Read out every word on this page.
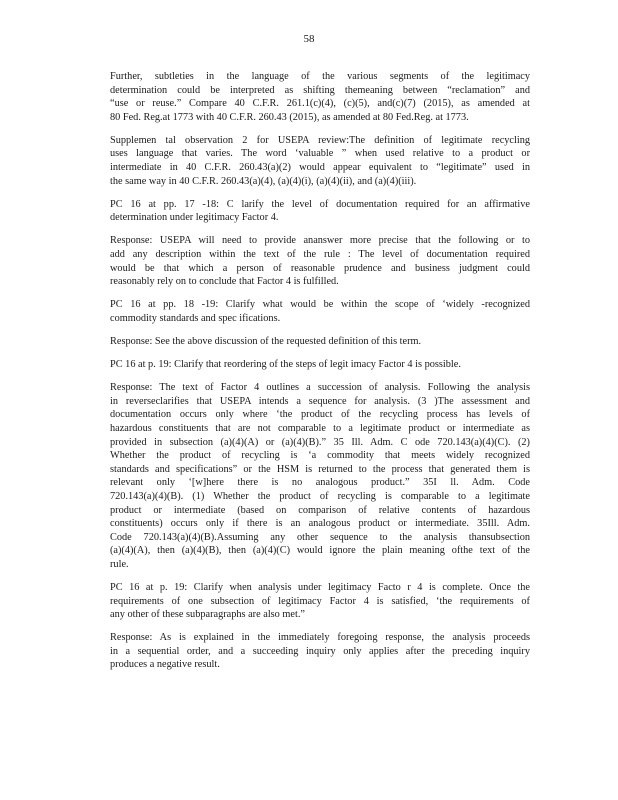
58

Further, subtleties in the language of the various segments of the legitimacy
determination could be interpreted as shifting themeaning between “reclamation” and
“use or reuse.” Compare 40 C.F.R. 261.1(c)(4), (c)(5), and(c)(7) (2015), as amended at
80 Fed. Reg.at 1773 with 40 C.F.R. 260.43 (2015), as amended at 80 Fed.Reg. at 1773.

Supplemen tal observation 2 for USEPA review:The definition of legitimate recycling
uses language that varies. The word ‘valuable ” when used relative to a product or
intermediate in 40 C.F.R. 260.43(a)(2) would appear equivalent to “legitimate” used in
the same way in 40 C.F.R. 260.43(a)(4), (a)(4)(i), (a)(4)(ii), and (a)(4)(iii).

PC 16 at pp. 17 -18: C larify the level of documentation required for an affirmative
determination under legitimacy Factor 4.

Response: USEPA will need to provide ananswer more precise that the following or to
add any description within the text of the rule : The level of documentation required
would be that which a person of reasonable prudence and business judgment could
reasonably rely on to conclude that Factor 4 is fulfilled.

PC 16 at pp. 18 -19: Clarify what would be within the scope of ‘widely -recognized
commodity standards and spec ifications.

Response: See the above discussion of the requested definition of this term.

PC 16 at p. 19: Clarify that reordering of the steps of legit imacy Factor 4 is possible.

Response: The text of Factor 4 outlines a succession of analysis. Following the analysis
in reverseclarifies that USEPA intends a sequence for analysis. (3 )The assessment and
documentation occurs only where ‘the product of the recycling process has levels of
hazardous constituents that are not comparable to a legitimate product or intermediate as
provided in subsection (a)(4)(A) or (a)(4)(B).” 35 Ill. Adm. C ode 720.143(a)(4)(C). (2)
Whether the product of recycling is ‘a commodity that meets widely recognized
standards and specifications” or the HSM is returned to the process that generated them is
relevant only ‘[w]here there is no analogous product.” 35I ll. Adm. Code
720.143(a)(4)(B). (1) Whether the product of recycling is comparable to a legitimate
product or intermediate (based on comparison of relative contents of hazardous
constituents) occurs only if there is an analogous product or intermediate. 35Ill. Adm.
Code 720.143(a)(4)(B).Assuming any other sequence to the analysis thansubsection
(a)(4)(A), then (a)(4)(B), then (a)(4)(C) would ignore the plain meaning ofthe text of the
rule.

PC 16 at p. 19: Clarify when analysis under legitimacy Facto r 4 is complete. Once the
requirements of one subsection of legitimacy Factor 4 is satisfied, ‘the requirements of
any other of these subparagraphs are also met.”

Response: As is explained in the immediately foregoing response, the analysis proceeds
in a sequential order, and a succeeding inquiry only applies after the preceding inquiry
produces a negative result.
